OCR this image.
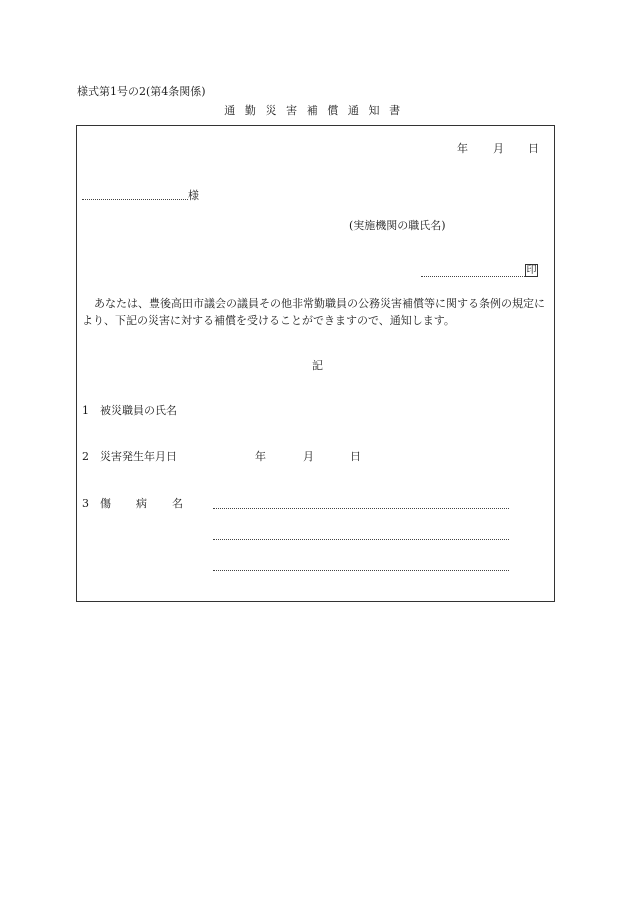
様式第1号の2(第4条関係)
通勤災害補償通知書
年 月 日
様
(実施機関の職氏名)
印
あなたは、豊後高田市議会の議員その他非常勤職員の公務災害補償等に関する条例の規定により、下記の災害に対する補償を受けることができますので、通知します。
記
1 被災職員の氏名
2 災害発生年月日	年	月	日
3 傷 病 名
